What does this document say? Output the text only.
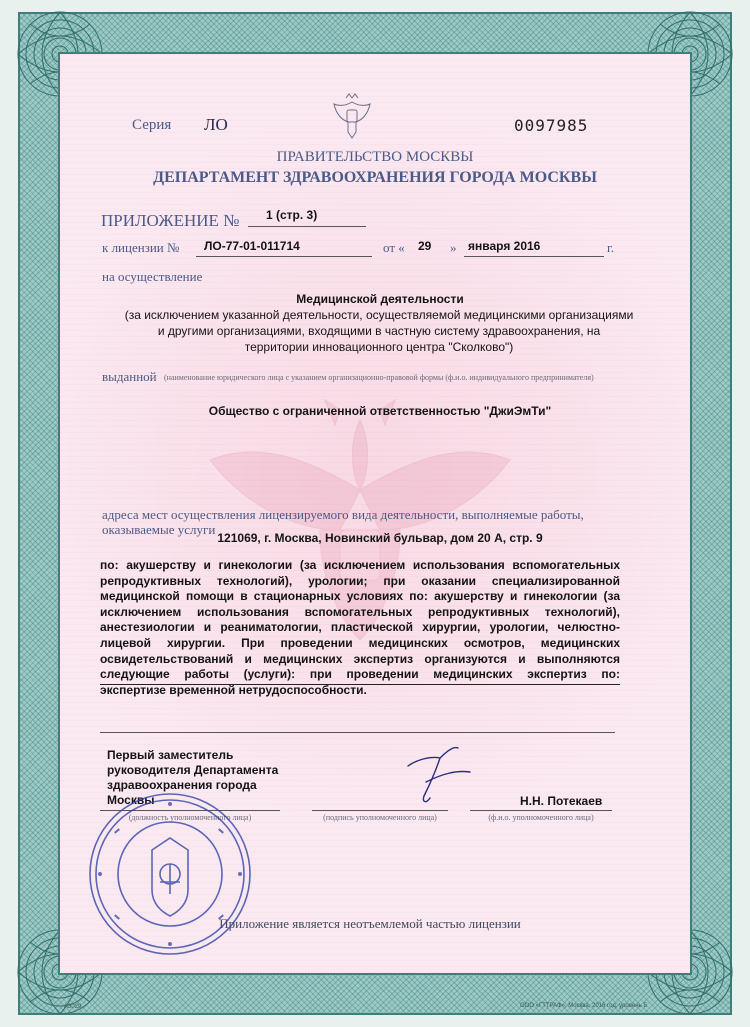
Серия ЛО	0097985
ПРАВИТЕЛЬСТВО МОСКВЫ
ДЕПАРТАМЕНТ ЗДРАВООХРАНЕНИЯ ГОРОДА МОСКВЫ
ПРИЛОЖЕНИЕ № 1 (стр. 3)
к лицензии № ЛО-77-01-011714	от « 29 » января 2016	г.
на осуществление
Медицинской деятельности
(за исключением указанной деятельности, осуществляемой медицинскими организациями
и другими организациями, входящими в частную систему здравоохранения, на
территории инновационного центра "Сколково")
выданной (наименование юридического лица с указанием организационно-правовой формы (ф.и.о. индивидуального предпринимателя)
Общество с ограниченной ответственностью "ДжиЭмТи"
адреса мест осуществления лицензируемого вида деятельности, выполняемые работы,
оказываемые услуги
121069, г. Москва, Новинский бульвар, дом 20 А, стр. 9
по: акушерству и гинекологии (за исключением использования вспомогательных
репродуктивных технологий), урологии; при оказании специализированной
медицинской помощи в стационарных условиях по: акушерству и гинекологии (за
исключением использования вспомогательных репродуктивных технологий),
анестезиологии и реаниматологии, пластической хирургии, урологии, челюстно-
лицевой хирургии. При проведении медицинских осмотров, медицинских
освидетельствований и медицинских экспертиз организуются и выполняются
следующие работы (услуги): при проведении медицинских экспертиз по:
экспертизе временной нетрудоспособности.
Первый заместитель
руководителя Департамента
здравоохранения города
Москвы	Н.Н. Потекаев
(должность уполномоченного лица)	(подпись уполномоченного лица)	(ф.и.о. уполномоченного лица)
Приложение является неотъемлемой частью лицензии
А3029	ООО «ГТТРАФ», Москва, 2016 год, уровень Б
